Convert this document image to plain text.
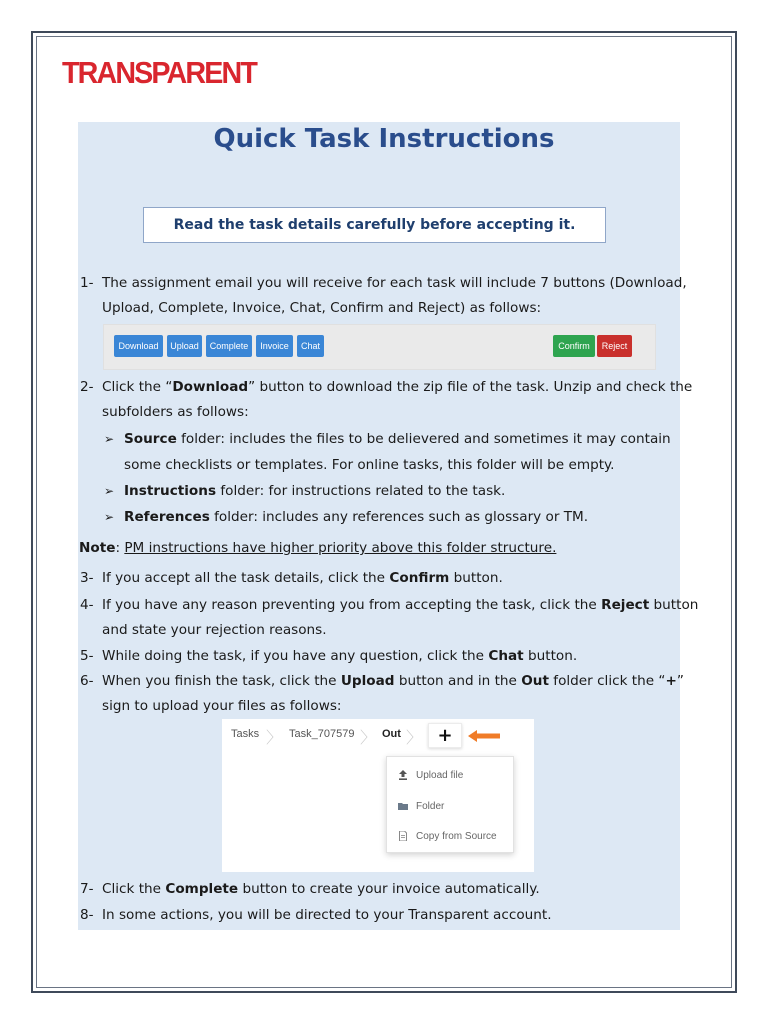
TRANSPARENT
Quick Task Instructions
Read the task details carefully before accepting it.
1- The assignment email you will receive for each task will include 7 buttons (Download,
Upload, Complete, Invoice, Chat, Confirm and Reject) as follows:
Download	Upload	Complete	Invoice	Chat	Confirm	Reject
2- Click the “Download” button to download the zip file of the task. Unzip and check the
subfolders as follows:
➢ Source folder: includes the files to be delievered and sometimes it may contain
some checklists or templates. For online tasks, this folder will be empty.
➢ Instructions folder: for instructions related to the task.
➢ References folder: includes any references such as glossary or TM.
Note: PM instructions have higher priority above this folder structure.
3- If you accept all the task details, click the Confirm button.
4- If you have any reason preventing you from accepting the task, click the Reject button
and state your rejection reasons.
5- While doing the task, if you have any question, click the Chat button.
6- When you finish the task, click the Upload button and in the Out folder click the “+”
sign to upload your files as follows:
Tasks 〉 Task_707579 〉 Out 〉 +
Upload file
Folder
Copy from Source
7- Click the Complete button to create your invoice automatically.
8- In some actions, you will be directed to your Transparent account.
